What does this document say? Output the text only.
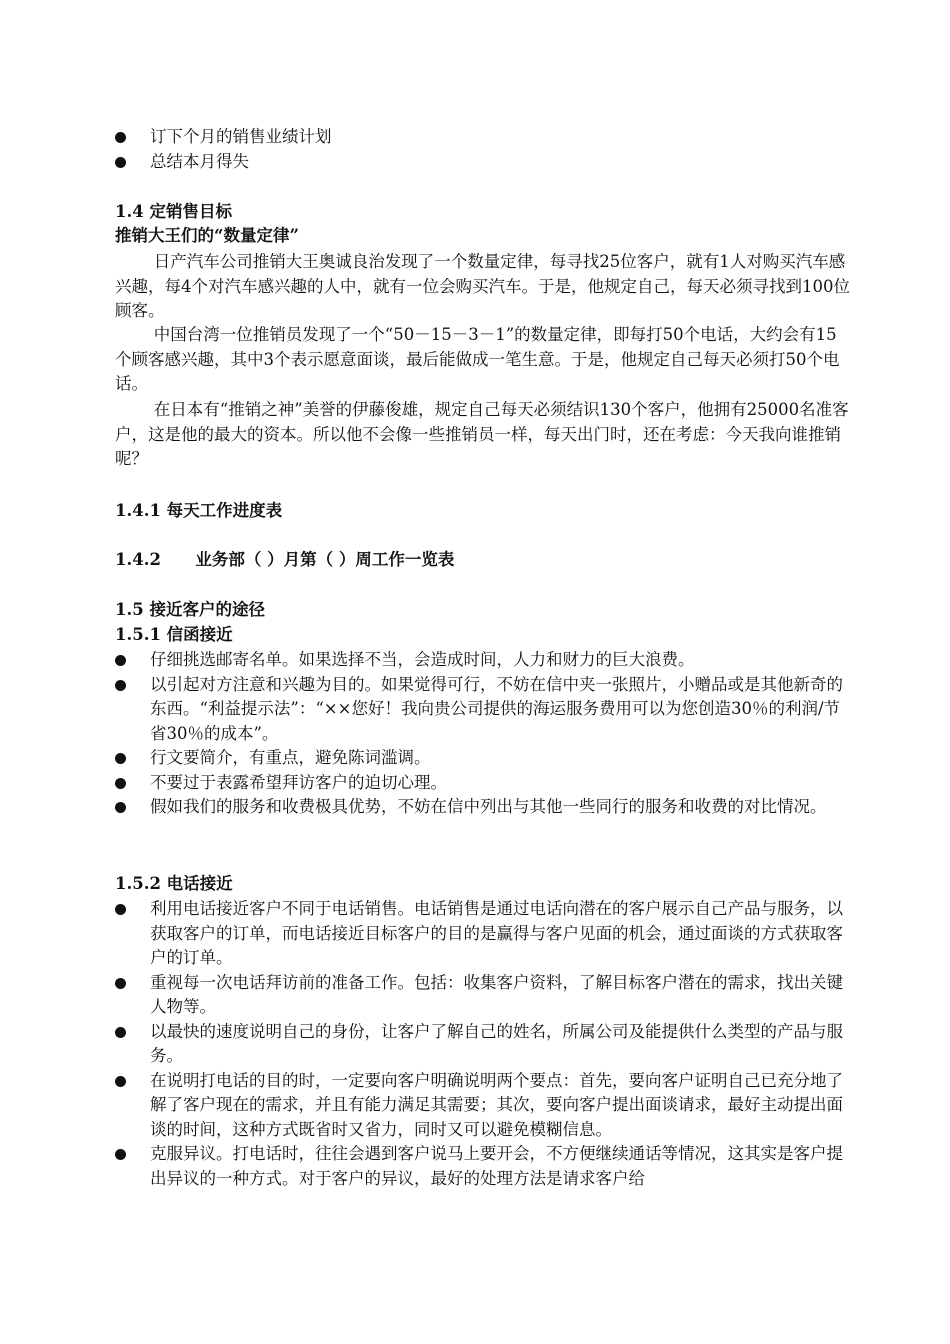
订下个月的销售业绩计划
总结本月得失
1.4 定销售目标
推销大王们的“数量定律”

日产汽车公司推销大王奥诚良治发现了一个数量定律，每寻找25位客户，就有1人对购买汽车感兴趣，每4个对汽车感兴趣的人中，就有一位会购买汽车。于是，他规定自己，每天必须寻找到100位顾客。

中国台湾一位推销员发现了一个“50－15－3－1”的数量定律，即每打50个电话，大约会有15个顾客感兴趣，其中3个表示愿意面谈，最后能做成一笔生意。于是，他规定自己每天必须打50个电话。

在日本有“推销之神”美誉的伊藤俊雄，规定自己每天必须结识130个客户，他拥有25000名准客户，这是他的最大的资本。所以他不会像一些推销员一样，每天出门时，还在考虑：今天我向谁推销呢？

1.4.1 每天工作进度表
1.4.2      业务部（ ）月第（ ）周工作一览表
1.5 接近客户的途径
1.5.1 信函接近
仔细挑选邮寄名单。如果选择不当，会造成时间，人力和财力的巨大浪费。
以引起对方注意和兴趣为目的。如果觉得可行，不妨在信中夹一张照片，小赠品或是其他新奇的东西。“利益提示法”：“××您好！我向贵公司提供的海运服务费用可以为您创造30％的利润/节省30％的成本”。
行文要简介，有重点，避免陈词滥调。
不要过于表露希望拜访客户的迫切心理。
假如我们的服务和收费极具优势，不妨在信中列出与其他一些同行的服务和收费的对比情况。
1.5.2 电话接近
利用电话接近客户不同于电话销售。电话销售是通过电话向潜在的客户展示自己产品与服务，以获取客户的订单，而电话接近目标客户的目的是赢得与客户见面的机会，通过面谈的方式获取客户的订单。
重视每一次电话拜访前的准备工作。包括：收集客户资料，了解目标客户潜在的需求，找出关键人物等。
以最快的速度说明自己的身份，让客户了解自己的姓名，所属公司及能提供什么类型的产品与服务。
在说明打电话的目的时，一定要向客户明确说明两个要点：首先，要向客户证明自己已充分地了解了客户现在的需求，并且有能力满足其需要；其次，要向客户提出面谈请求，最好主动提出面谈的时间，这种方式既省时又省力，同时又可以避免模糊信息。
克服异议。打电话时，往往会遇到客户说马上要开会，不方便继续通话等情况，这其实是客户提出异议的一种方式。对于客户的异议，最好的处理方法是请求客户给
